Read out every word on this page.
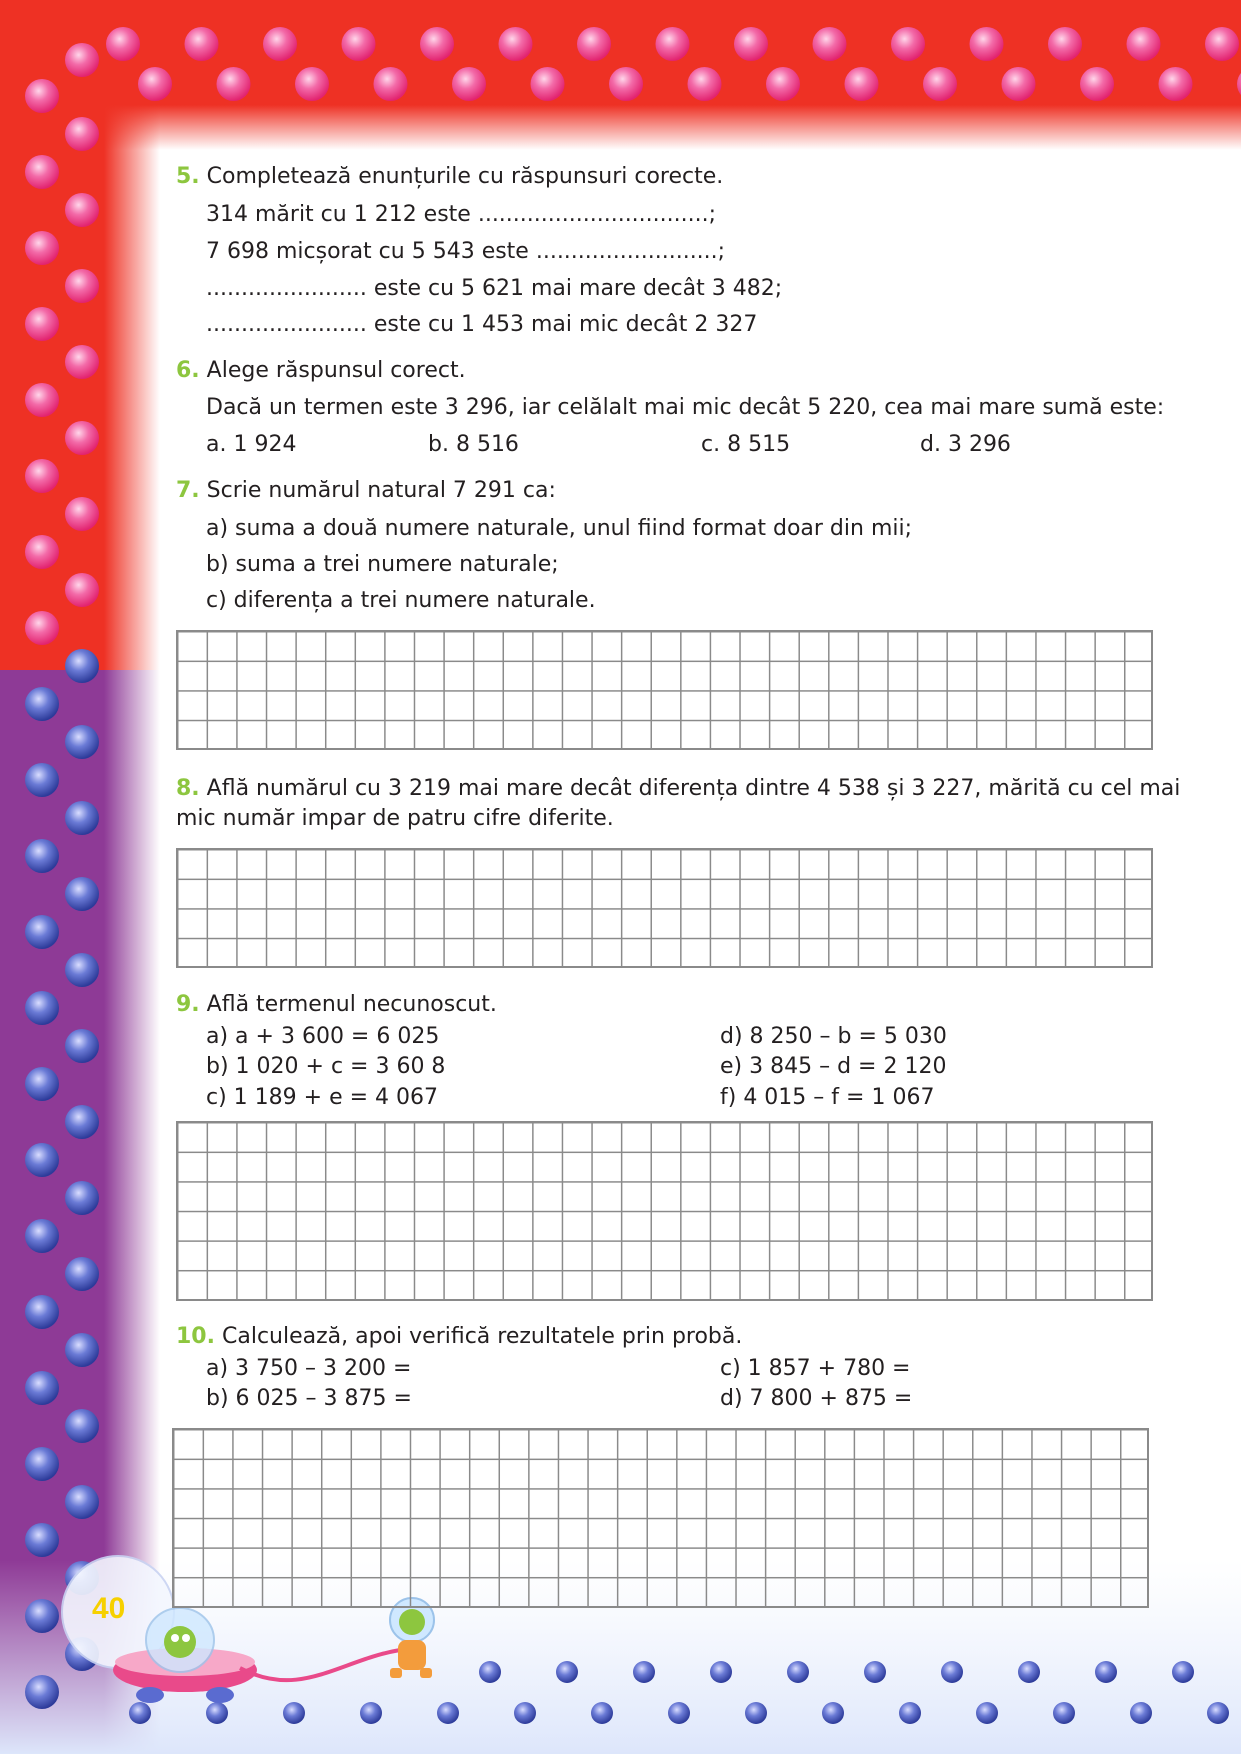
40
5. Completează enunțurile cu răspunsuri corecte.
314 mărit cu 1 212 este .................................;
7 698 micșorat cu 5 543 este ..........................;
....................... este cu 5 621 mai mare decât 3 482;
....................... este cu 1 453 mai mic decât 2 327
6. Alege răspunsul corect.
Dacă un termen este 3 296, iar celălalt mai mic decât 5 220, cea mai mare sumă este:
a. 1 924	b. 8 516	c. 8 515	d. 3 296
7. Scrie numărul natural 7 291 ca:
a) suma a două numere naturale, unul fiind format doar din mii;
b) suma a trei numere naturale;
c) diferența a trei numere naturale.
8. Află numărul cu 3 219 mai mare decât diferența dintre 4 538 și 3 227, mărită cu cel mai
mic număr impar de patru cifre diferite.
9. Află termenul necunoscut.
a) a + 3 600 = 6 025
b) 1 020 + c = 3 60 8
c) 1 189 + e = 4 067
d) 8 250 – b = 5 030
e) 3 845 – d = 2 120
f) 4 015 – f = 1 067
10. Calculează, apoi verifică rezultatele prin probă.
a) 3 750 – 3 200 =
b) 6 025 – 3 875 =
c) 1 857 + 780 =
d) 7 800 + 875 =
